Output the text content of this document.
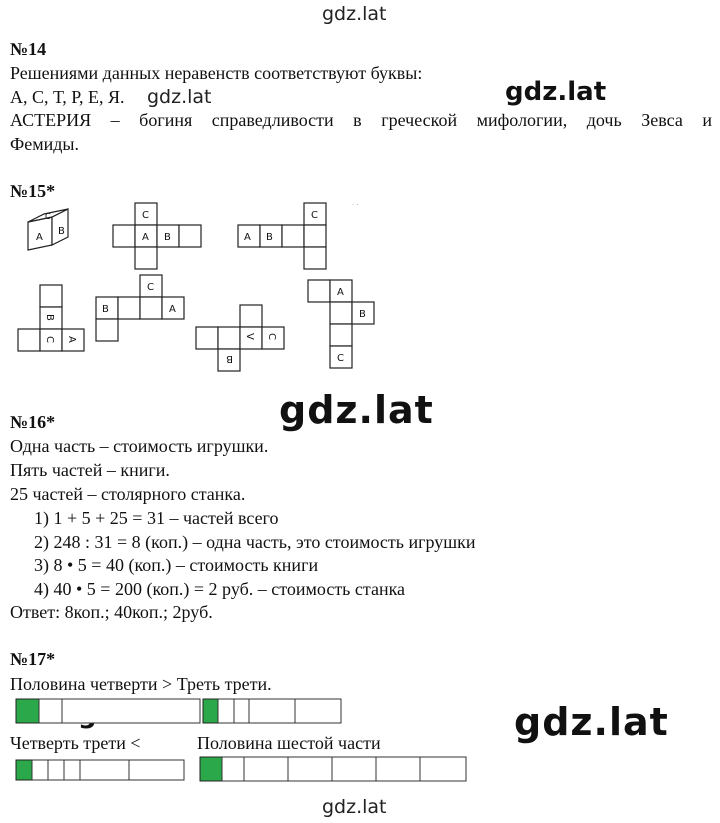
gdz.lat
gdz.lat	gdz.lat
gdz.lat
gdz.lat
gdz.lat
№14
Решениями данных неравенств соответствуют буквы:
А, С, Т, Р, Е, Я.
АСТЕРИЯ – богиня справедливости в греческой мифологии, дочь Зевса и
Фемиды.
№15*
A
B
C	C
A B
C
A B
· ·
B
C A
C
B	A
V C
B
A
B
C
№16*
Одна часть – стоимость игрушки.
Пять частей – книги.
25 частей – столярного станка.
1) 1 + 5 + 25 = 31 – частей всего
2) 248 : 31 = 8 (коп.) – одна часть, это стоимость игрушки
3) 8 • 5 = 40 (коп.) – стоимость книги
4) 40 • 5 = 200 (коп.) = 2 руб. – стоимость станка
Ответ: 8коп.; 40коп.; 2руб.
№17*
Половина четверти > Треть трети.
Четверть трети <	Половина шестой части
